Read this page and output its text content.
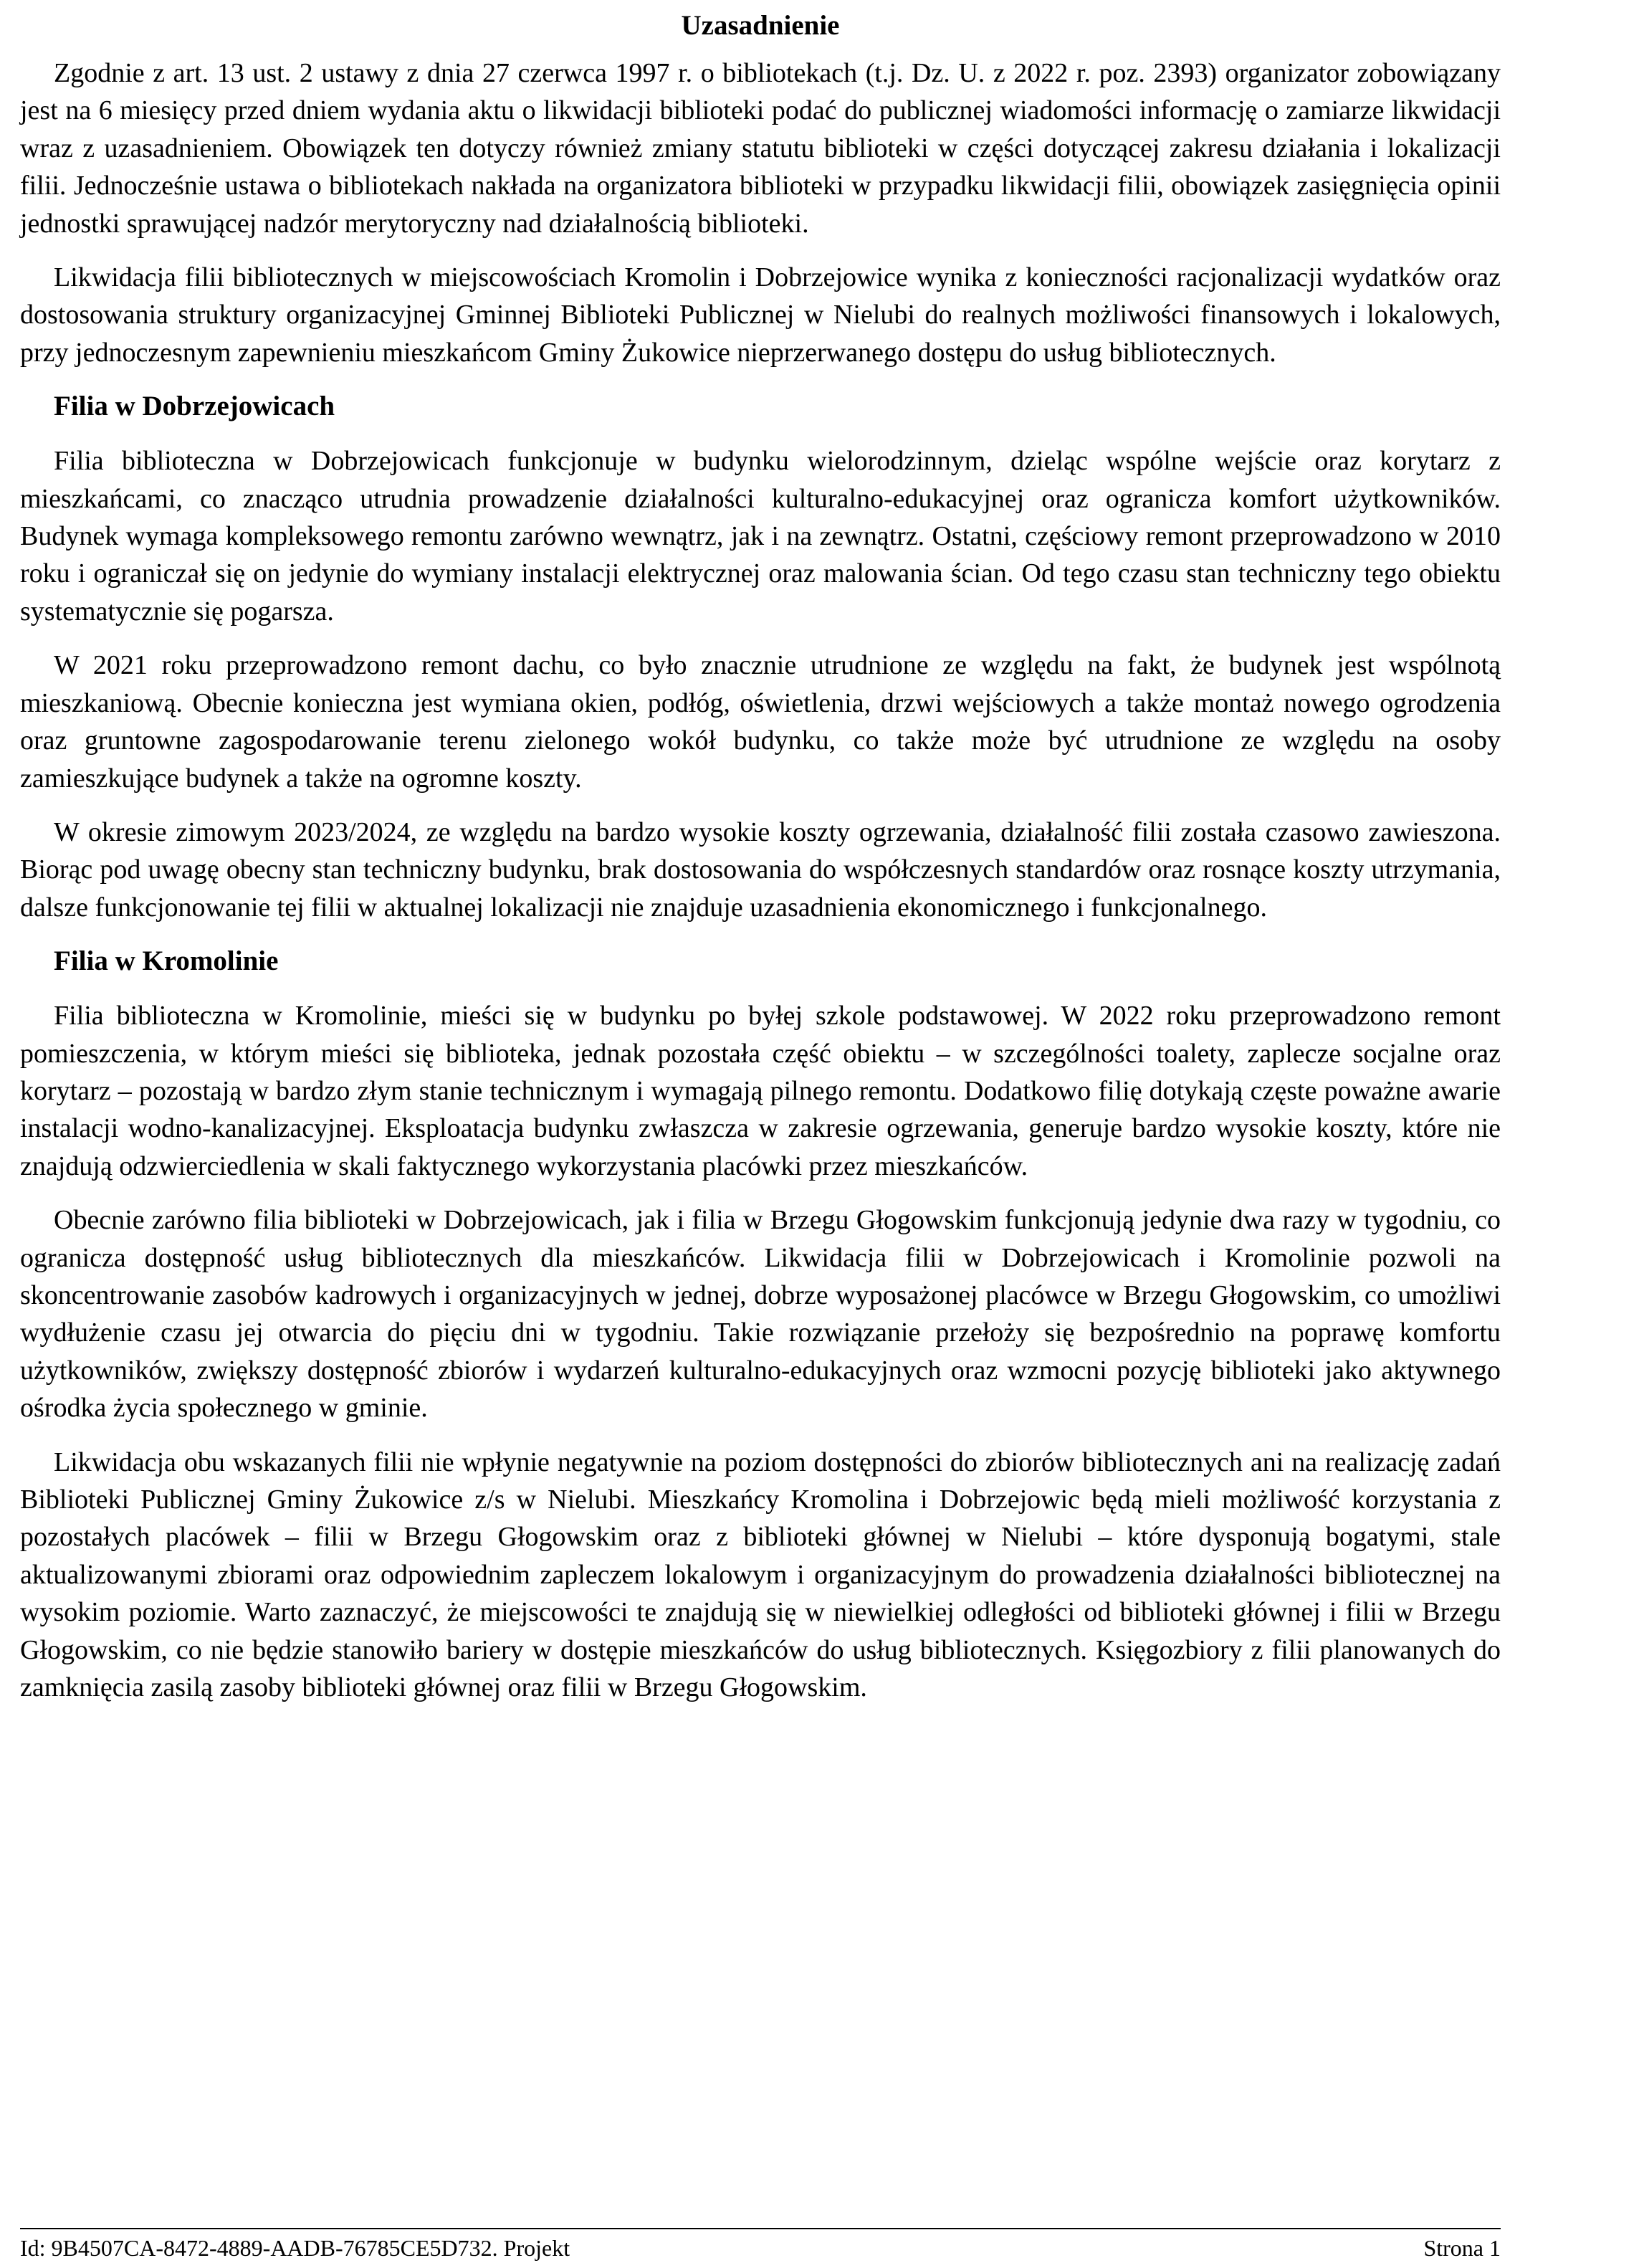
Uzasadnienie

Zgodnie z art. 13 ust. 2 ustawy z dnia 27 czerwca 1997 r. o bibliotekach (t.j. Dz. U. z 2022 r. poz. 2393) organizator zobowiązany jest na 6 miesięcy przed dniem wydania aktu o likwidacji biblioteki podać do publicznej wiadomości informację o zamiarze likwidacji wraz z uzasadnieniem. Obowiązek ten dotyczy również zmiany statutu biblioteki w części dotyczącej zakresu działania i lokalizacji filii. Jednocześnie ustawa o bibliotekach nakłada na organizatora biblioteki w przypadku likwidacji filii, obowiązek zasięgnięcia opinii jednostki sprawującej nadzór merytoryczny nad działalnością biblioteki.

Likwidacja filii bibliotecznych w miejscowościach Kromolin i Dobrzejowice wynika z konieczności racjonalizacji wydatków oraz dostosowania struktury organizacyjnej Gminnej Biblioteki Publicznej w Nielubi do realnych możliwości finansowych i lokalowych, przy jednoczesnym zapewnieniu mieszkańcom Gminy Żukowice nieprzerwanego dostępu do usług bibliotecznych.

Filia w Dobrzejowicach

Filia biblioteczna w Dobrzejowicach funkcjonuje w budynku wielorodzinnym, dzieląc wspólne wejście oraz korytarz z mieszkańcami, co znacząco utrudnia prowadzenie działalności kulturalno-edukacyjnej oraz ogranicza komfort użytkowników. Budynek wymaga kompleksowego remontu zarówno wewnątrz, jak i na zewnątrz. Ostatni, częściowy remont przeprowadzono w 2010 roku i ograniczał się on jedynie do wymiany instalacji elektrycznej oraz malowania ścian. Od tego czasu stan techniczny tego obiektu systematycznie się pogarsza.

W 2021 roku przeprowadzono remont dachu, co było znacznie utrudnione ze względu na fakt, że budynek jest wspólnotą mieszkaniową. Obecnie konieczna jest wymiana okien, podłóg, oświetlenia, drzwi wejściowych a także montaż nowego ogrodzenia oraz gruntowne zagospodarowanie terenu zielonego wokół budynku, co także może być utrudnione ze względu na osoby zamieszkujące budynek a także na ogromne koszty.

W okresie zimowym 2023/2024, ze względu na bardzo wysokie koszty ogrzewania, działalność filii została czasowo zawieszona. Biorąc pod uwagę obecny stan techniczny budynku, brak dostosowania do współczesnych standardów oraz rosnące koszty utrzymania, dalsze funkcjonowanie tej filii w aktualnej lokalizacji nie znajduje uzasadnienia ekonomicznego i funkcjonalnego.

Filia w Kromolinie

Filia biblioteczna w Kromolinie, mieści się w budynku po byłej szkole podstawowej. W 2022 roku przeprowadzono remont pomieszczenia, w którym mieści się biblioteka, jednak pozostała część obiektu – w szczególności toalety, zaplecze socjalne oraz korytarz – pozostają w bardzo złym stanie technicznym i wymagają pilnego remontu. Dodatkowo filię dotykają częste poważne awarie instalacji wodno-kanalizacyjnej. Eksploatacja budynku zwłaszcza w zakresie ogrzewania, generuje bardzo wysokie koszty, które nie znajdują odzwierciedlenia w skali faktycznego wykorzystania placówki przez mieszkańców.

Obecnie zarówno filia biblioteki w Dobrzejowicach, jak i filia w Brzegu Głogowskim funkcjonują jedynie dwa razy w tygodniu, co ogranicza dostępność usług bibliotecznych dla mieszkańców. Likwidacja filii w Dobrzejowicach i Kromolinie pozwoli na skoncentrowanie zasobów kadrowych i organizacyjnych w jednej, dobrze wyposażonej placówce w Brzegu Głogowskim, co umożliwi wydłużenie czasu jej otwarcia do pięciu dni w tygodniu. Takie rozwiązanie przełoży się bezpośrednio na poprawę komfortu użytkowników, zwiększy dostępność zbiorów i wydarzeń kulturalno-edukacyjnych oraz wzmocni pozycję biblioteki jako aktywnego ośrodka życia społecznego w gminie.

Likwidacja obu wskazanych filii nie wpłynie negatywnie na poziom dostępności do zbiorów bibliotecznych ani na realizację zadań Biblioteki Publicznej Gminy Żukowice z/s w Nielubi. Mieszkańcy Kromolina i Dobrzejowic będą mieli możliwość korzystania z pozostałych placówek – filii w Brzegu Głogowskim oraz z biblioteki głównej w Nielubi – które dysponują bogatymi, stale aktualizowanymi zbiorami oraz odpowiednim zapleczem lokalowym i organizacyjnym do prowadzenia działalności bibliotecznej na wysokim poziomie. Warto zaznaczyć, że miejscowości te znajdują się w niewielkiej odległości od biblioteki głównej i filii w Brzegu Głogowskim, co nie będzie stanowiło bariery w dostępie mieszkańców do usług bibliotecznych. Księgozbiory z filii planowanych do zamknięcia zasilą zasoby biblioteki głównej oraz filii w Brzegu Głogowskim.

Id: 9B4507CA-8472-4889-AADB-76785CE5D732. Projekt	Strona 1
